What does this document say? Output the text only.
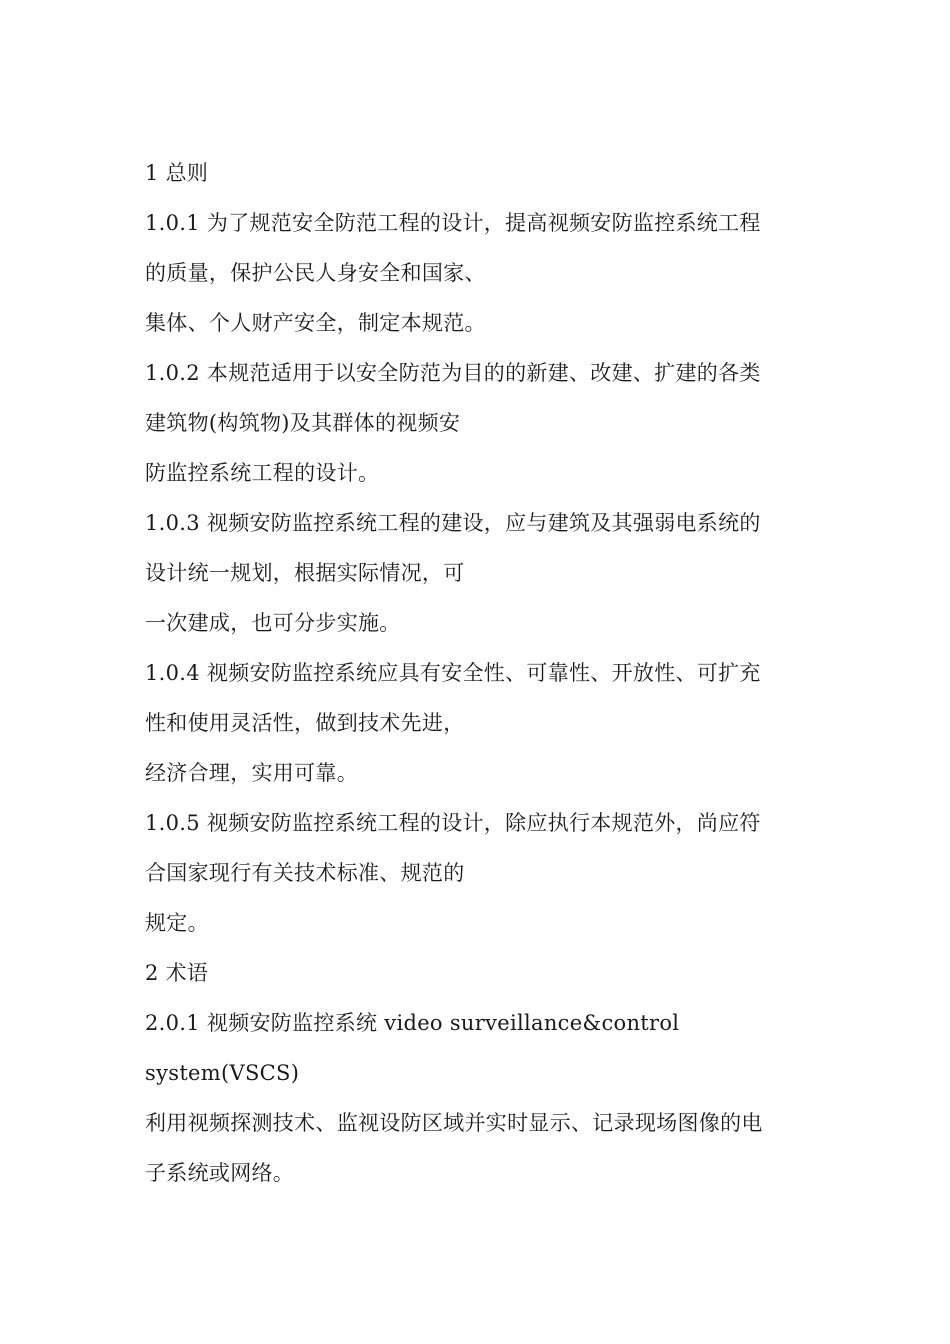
1 总则
1.0.1 为了规范安全防范工程的设计，提高视频安防监控系统工程
的质量，保护公民人身安全和国家、
集体、个人财产安全，制定本规范。
1.0.2 本规范适用于以安全防范为目的的新建、改建、扩建的各类
建筑物(构筑物)及其群体的视频安
防监控系统工程的设计。
1.0.3 视频安防监控系统工程的建设，应与建筑及其强弱电系统的
设计统一规划，根据实际情况，可
一次建成，也可分步实施。
1.0.4 视频安防监控系统应具有安全性、可靠性、开放性、可扩充
性和使用灵活性，做到技术先进，
经济合理，实用可靠。
1.0.5 视频安防监控系统工程的设计，除应执行本规范外，尚应符
合国家现行有关技术标准、规范的
规定。
2 术语
2.0.1 视频安防监控系统 video surveillance&control
system(VSCS)
利用视频探测技术、监视设防区域并实时显示、记录现场图像的电
子系统或网络。
